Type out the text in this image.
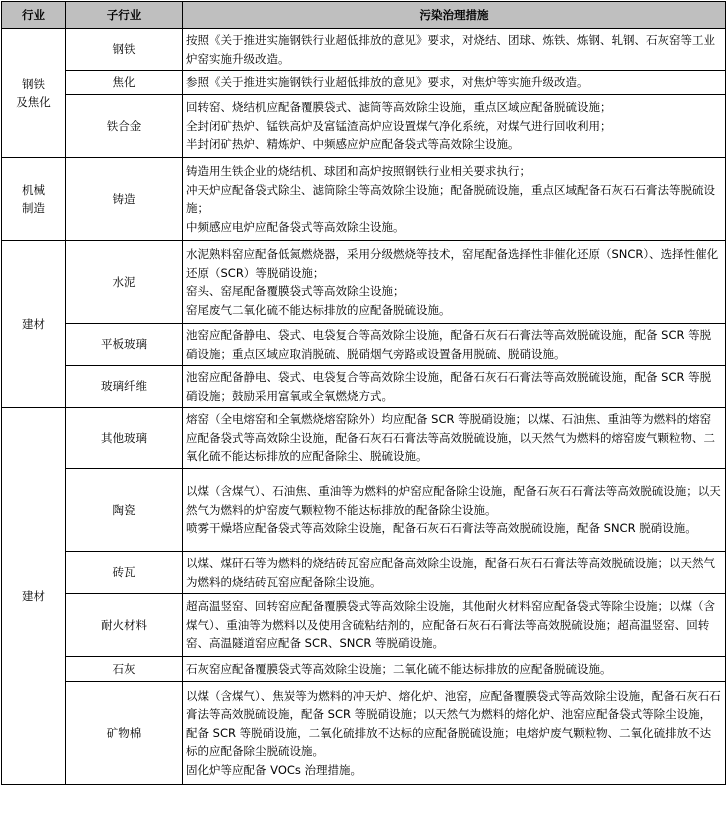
行业	子行业	污染治理措施

钢铁
及焦化	钢铁	按照《关于推进实施钢铁行业超低排放的意见》要求，对烧结、团球、炼铁、炼钢、轧钢、石灰窑等工业炉窑实施升级改造。

	焦化	参照《关于推进实施钢铁行业超低排放的意见》要求，对焦炉等实施升级改造。

	铁合金	回转窑、烧结机应配备覆膜袋式、滤筒等高效除尘设施，重点区域应配备脱硫设施；
全封闭矿热炉、锰铁高炉及富锰渣高炉应设置煤气净化系统，对煤气进行回收利用；
半封闭矿热炉、精炼炉、中频感应炉应配备袋式等高效除尘设施。

机械
制造	铸造	铸造用生铁企业的烧结机、球团和高炉按照钢铁行业相关要求执行；
冲天炉应配备袋式除尘、滤筒除尘等高效除尘设施；配备脱硫设施，重点区域配备石灰石石膏法等脱硫设施；
中频感应电炉应配备袋式等高效除尘设施。

建材	水泥	水泥熟料窑应配备低氮燃烧器，采用分级燃烧等技术，窑尾配备选择性非催化还原（SNCR）、选择性催化还原（SCR）等脱硝设施；
窑头、窑尾配备覆膜袋式等高效除尘设施；
窑尾废气二氧化硫不能达标排放的应配备脱硫设施。

	平板玻璃	池窑应配备静电、袋式、电袋复合等高效除尘设施，配备石灰石石膏法等高效脱硫设施，配备 SCR 等脱硝设施；重点区域应取消脱硫、脱硝烟气旁路或设置备用脱硫、脱硝设施。

	玻璃纤维	池窑应配备静电、袋式、电袋复合等高效除尘设施，配备石灰石石膏法等高效脱硫设施，配备 SCR 等脱硝设施；鼓励采用富氧或全氧燃烧方式。

建材	其他玻璃	熔窑（全电熔窑和全氧燃烧熔窑除外）均应配备 SCR 等脱硝设施；以煤、石油焦、重油等为燃料的熔窑应配备袋式等高效除尘设施，配备石灰石石膏法等高效脱硫设施，以天然气为燃料的熔窑废气颗粒物、二氧化硫不能达标排放的应配备除尘、脱硫设施。

	陶瓷	以煤（含煤气）、石油焦、重油等为燃料的炉窑应配备除尘设施，配备石灰石石膏法等高效脱硫设施；以天然气为燃料的炉窑废气颗粒物不能达标排放的配备除尘设施。
喷雾干燥塔应配备袋式等高效除尘设施，配备石灰石石膏法等高效脱硫设施，配备 SNCR 脱硝设施。

	砖瓦	以煤、煤矸石等为燃料的烧结砖瓦窑应配备高效除尘设施，配备石灰石石膏法等高效脱硫设施；以天然气为燃料的烧结砖瓦窑应配备除尘设施。

	耐火材料	超高温竖窑、回转窑应配备覆膜袋式等高效除尘设施，其他耐火材料窑应配备袋式等除尘设施；以煤（含煤气）、重油等为燃料以及使用含硫粘结剂的，应配备石灰石石膏法等高效脱硫设施；超高温竖窑、回转窑、高温隧道窑应配备 SCR、SNCR 等脱硝设施。

	石灰	石灰窑应配备覆膜袋式等高效除尘设施；二氧化硫不能达标排放的应配备脱硫设施。

	矿物棉	以煤（含煤气）、焦炭等为燃料的冲天炉、熔化炉、池窑，应配备覆膜袋式等高效除尘设施，配备石灰石石膏法等高效脱硫设施，配备 SCR 等脱硝设施；以天然气为燃料的熔化炉、池窑应配备袋式等除尘设施，配备 SCR 等脱硝设施，二氧化硫排放不达标的应配备脱硫设施；电熔炉废气颗粒物、二氧化硫排放不达标的应配备除尘脱硫设施。
固化炉等应配备 VOCs 治理措施。
